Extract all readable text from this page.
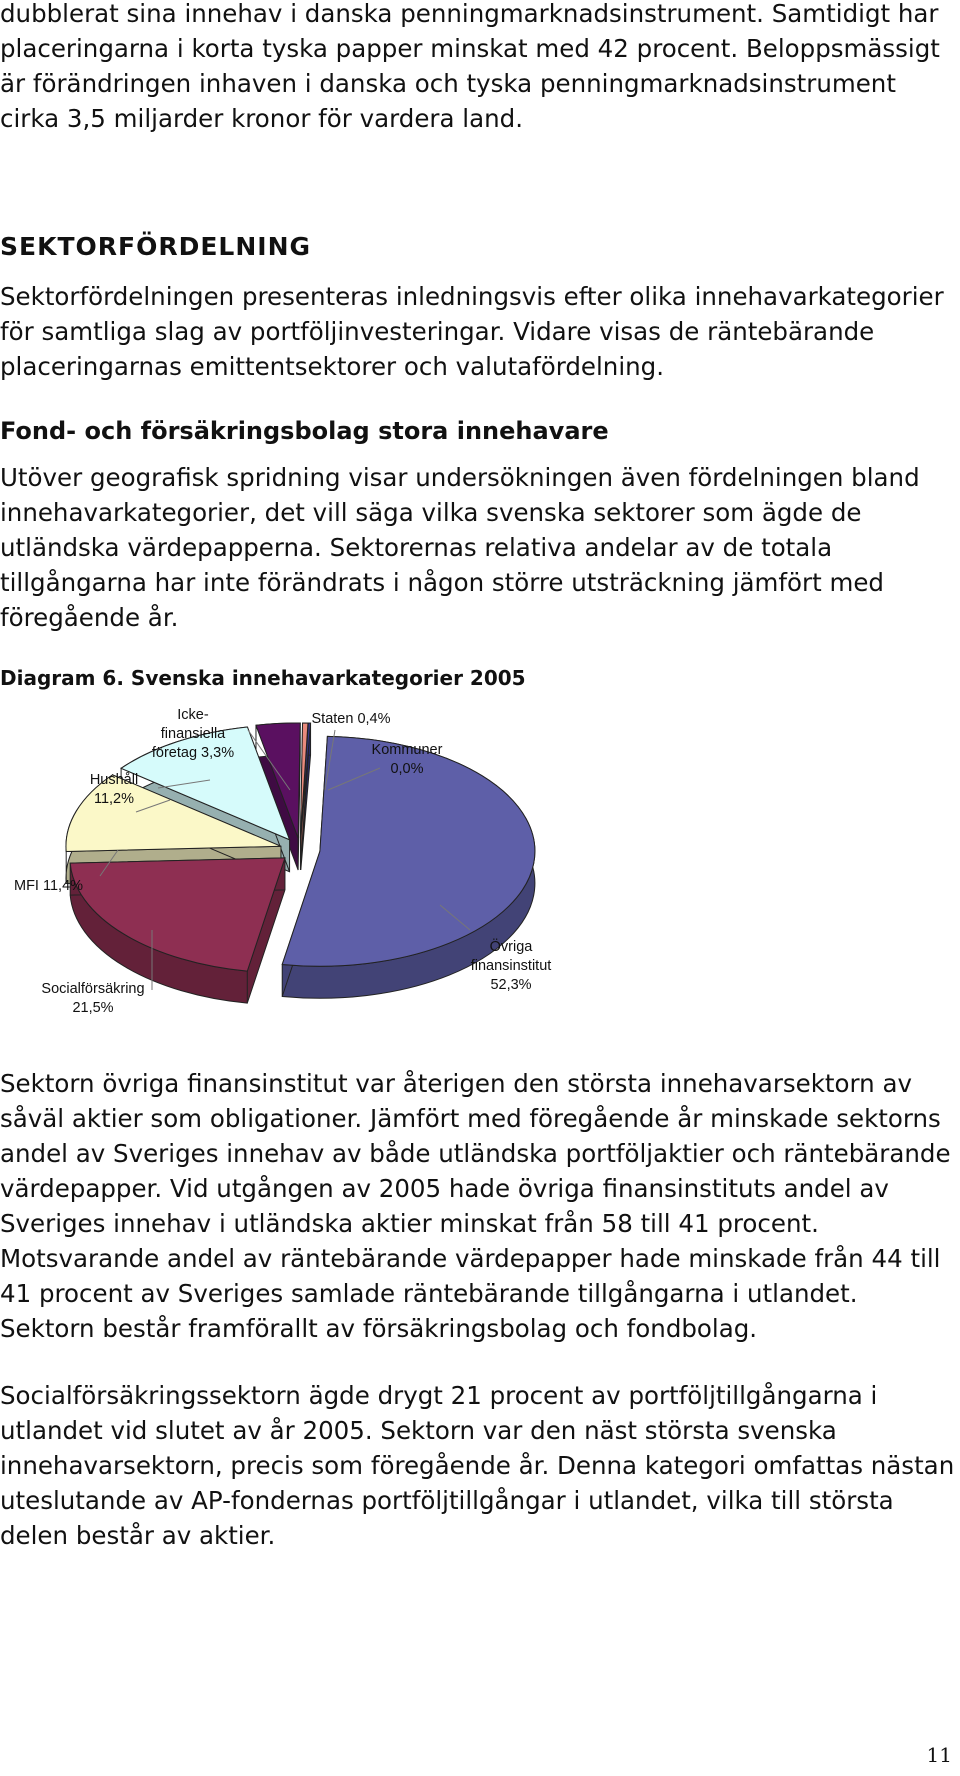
dubblerat sina innehav i danska penningmarknadsinstrument. Samtidigt har placeringarna i korta tyska papper minskat med 42 procent. Beloppsmässigt är förändringen inhaven i danska och tyska penningmarknadsinstrument cirka 3,5 miljarder kronor för vardera land.

SEKTORFÖRDELNING

Sektorfördelningen presenteras inledningsvis efter olika innehavarkategorier för samtliga slag av portföljinvesteringar. Vidare visas de räntebärande placeringarnas emittentsektorer och valutafördelning.

Fond- och försäkringsbolag stora innehavare

Utöver geografisk spridning visar undersökningen även fördelningen bland innehavarkategorier, det vill säga vilka svenska sektorer som ägde de utländska värdepapperna. Sektorernas relativa andelar av de totala tillgångarna har inte förändrats i någon större utsträckning jämfört med föregående år.

Diagram 6. Svenska innehavarkategorier 2005

Icke-
finansiella
företag 3,3%
Staten 0,4%
Kommuner
0,0%
Hushåll
11,2%
MFI 11,4%
Socialförsäkring
21,5%
Övriga
finansinstitut
52,3%

Sektorn övriga finansinstitut var återigen den största innehavarsektorn av såväl aktier som obligationer. Jämfört med föregående år minskade sektorns andel av Sveriges innehav av både utländska portföljaktier och räntebärande värdepapper. Vid utgången av 2005 hade övriga finansinstituts andel av Sveriges innehav i utländska aktier minskat från 58 till 41 procent. Motsvarande andel av räntebärande värdepapper hade minskade från 44 till 41 procent av Sveriges samlade räntebärande tillgångarna i utlandet. Sektorn består framförallt av försäkringsbolag och fondbolag.

Socialförsäkringssektorn ägde drygt 21 procent av portföljtillgångarna i utlandet vid slutet av år 2005. Sektorn var den näst största svenska innehavarsektorn, precis som föregående år. Denna kategori omfattas nästan uteslutande av AP-fondernas portföljtillgångar i utlandet, vilka till största delen består av aktier.

11
